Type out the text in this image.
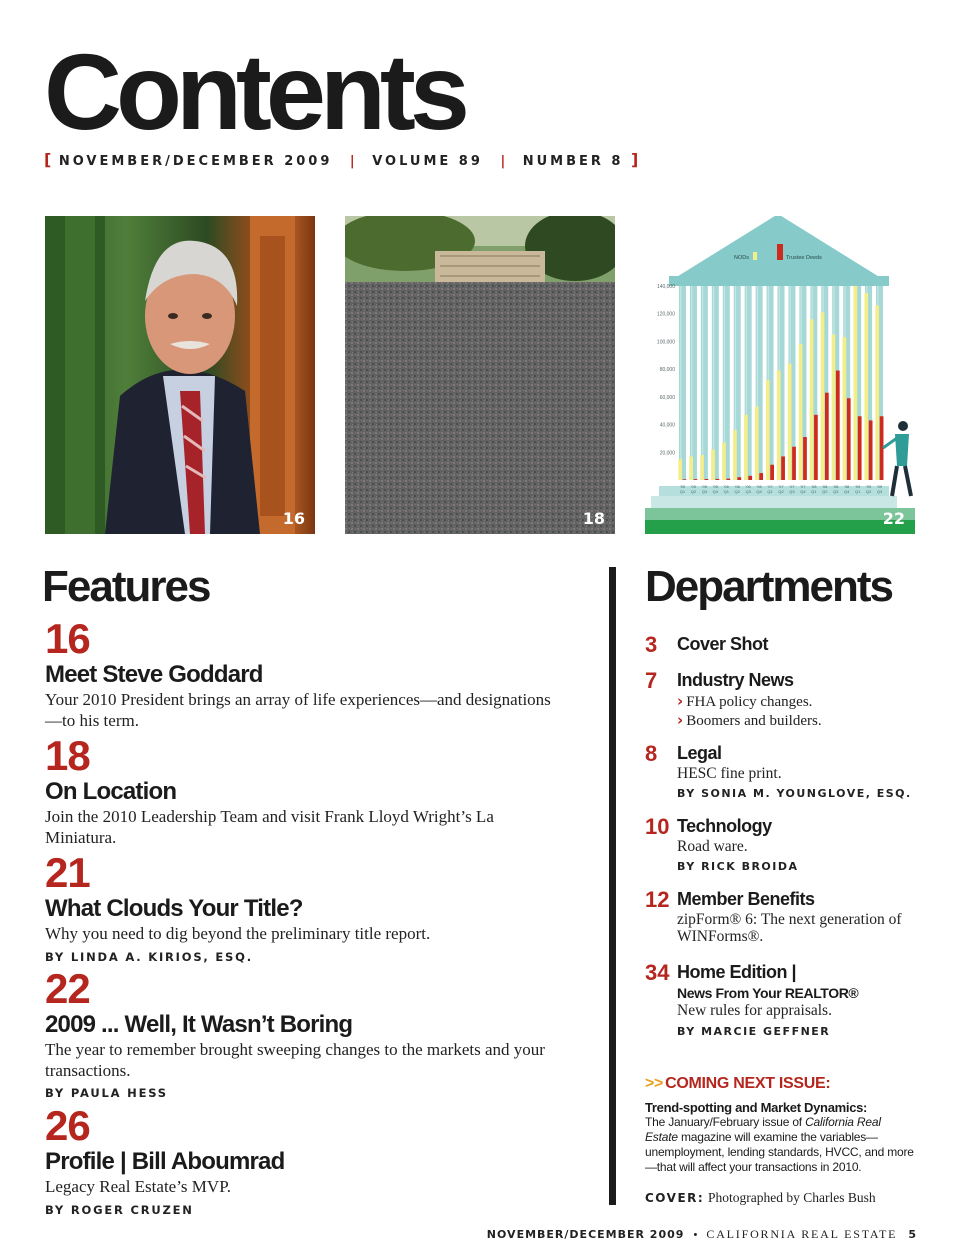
Contents
[ NOVEMBER/DECEMBER 2009 | VOLUME 89 | NUMBER 8 ]
16	18
NODs	Trustee Deeds
140,000
120,000
100,000
80,000
60,000
40,000
20,000
'05
Q1
'05
Q2
'05
Q3
'05
Q4
'06
Q1
'06
Q2
'06
Q3
'06
Q4
'07
Q1
'07
Q2
'07
Q3
'07
Q4
'08
Q1
'08
Q2
'08
Q3
'08
Q4
'09
Q1
'09
Q2
'09
Q3
22
Features
16
Meet Steve Goddard
Your 2010 President brings an array of life experiences—and designations—to his term.
18
On Location
Join the 2010 Leadership Team and visit Frank Lloyd Wright’s La Miniatura.
21
What Clouds Your Title?
Why you need to dig beyond the preliminary title report.
BY LINDA A. KIRIOS, ESQ.
22
2009 ... Well, It Wasn’t Boring
The year to remember brought sweeping changes to the markets and your transactions.
BY PAULA HESS
26
Profile | Bill Aboumrad
Legacy Real Estate’s MVP.
BY ROGER CRUZEN
Departments
3 Cover Shot
7 Industry News
› FHA policy changes.
› Boomers and builders.
8 Legal
HESC fine print.
BY SONIA M. YOUNGLOVE, ESQ.
10 Technology
Road ware.
BY RICK BROIDA
12 Member Benefits
zipForm® 6: The next generation of WINForms®.
34 Home Edition |
News From Your REALTOR®
New rules for appraisals.
BY MARCIE GEFFNER
>> COMING NEXT ISSUE:
Trend-spotting and Market Dynamics:
The January/February issue of California Real Estate magazine will examine the variables—unemployment, lending standards, HVCC, and more—that will affect your transactions in 2010.
COVER: Photographed by Charles Bush
NOVEMBER/DECEMBER 2009 • CALIFORNIA REAL ESTATE 5
